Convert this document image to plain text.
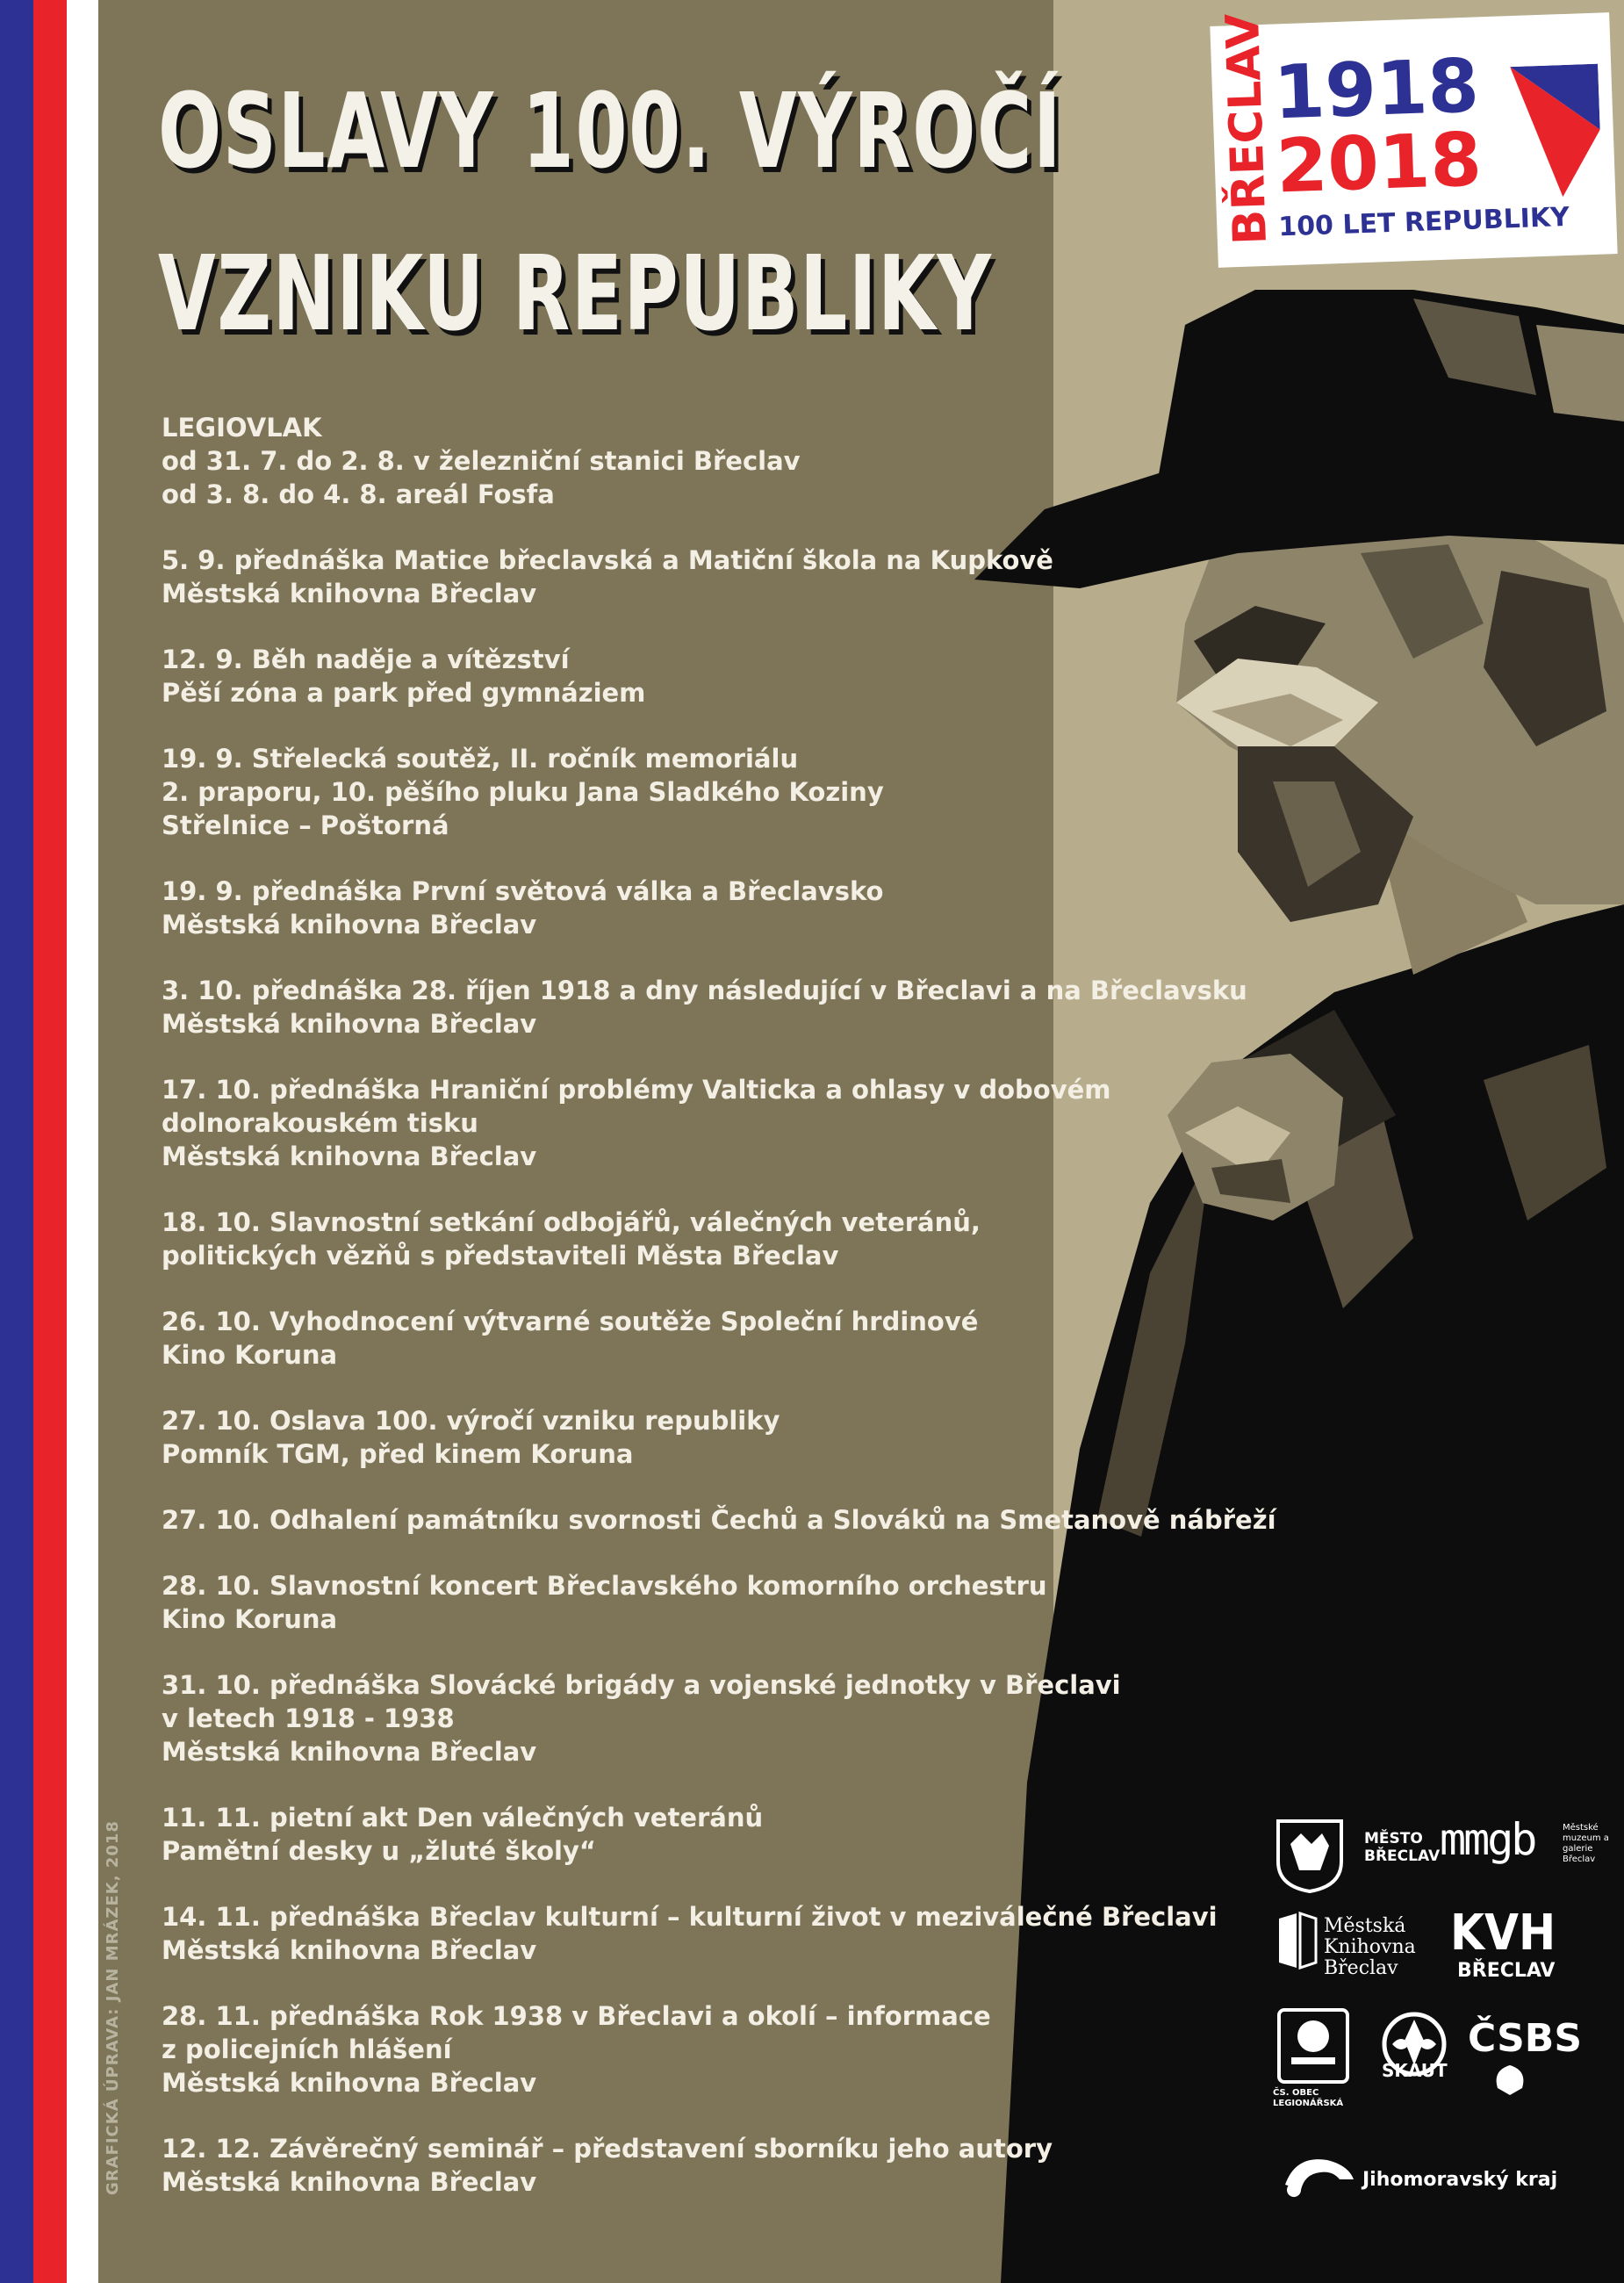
OSLAVY 100. VÝROČÍ
VZNIKU REPUBLIKY
BŘECLAV
1918
2018
100 LET REPUBLIKY
LEGIOVLAK
od 31. 7. do 2. 8. v železniční stanici Břeclav
od 3. 8. do 4. 8. areál Fosfa
5. 9. přednáška Matice břeclavská a Matiční škola na Kupkově
Městská knihovna Břeclav
12. 9. Běh naděje a vítězství
Pěší zóna a park před gymnáziem
19. 9. Střelecká soutěž, II. ročník memoriálu
2. praporu, 10. pěšího pluku Jana Sladkého Koziny
Střelnice – Poštorná
19. 9. přednáška První světová válka a Břeclavsko
Městská knihovna Břeclav
3. 10. přednáška 28. říjen 1918 a dny následující v Břeclavi a na Břeclavsku
Městská knihovna Břeclav
17. 10. přednáška Hraniční problémy Valticka a ohlasy v dobovém
dolnorakouském tisku
Městská knihovna Břeclav
18. 10. Slavnostní setkání odbojářů, válečných veteránů,
politických vězňů s představiteli Města Břeclav
26. 10. Vyhodnocení výtvarné soutěže Společní hrdinové
Kino Koruna
27. 10. Oslava 100. výročí vzniku republiky
Pomník TGM, před kinem Koruna
27. 10. Odhalení památníku svornosti Čechů a Slováků na Smetanově nábřeží
28. 10. Slavnostní koncert Břeclavského komorního orchestru
Kino Koruna
31. 10. přednáška Slovácké brigády a vojenské jednotky v Břeclavi
v letech 1918 - 1938
Městská knihovna Břeclav
11. 11. pietní akt Den válečných veteránů
Pamětní desky u „žluté školy“
14. 11. přednáška Břeclav kulturní – kulturní život v meziválečné Břeclavi
Městská knihovna Břeclav
28. 11. přednáška Rok 1938 v Břeclavi a okolí – informace
z policejních hlášení
Městská knihovna Břeclav
12. 12. Závěrečný seminář – představení sborníku jeho autory
Městská knihovna Břeclav
GRAFICKÁ ÚPRAVA: JAN MRÁZEK, 2018	MĚSTO BŘECLAV mmgb	Městské muzeum a galerie Břeclav
Městská Knihovna Břeclav
KVH
BŘECLAV
ČS. OBEC LEGIONÁŘSKÁ
SKAUT
ČSBS
Jihomoravský kraj
